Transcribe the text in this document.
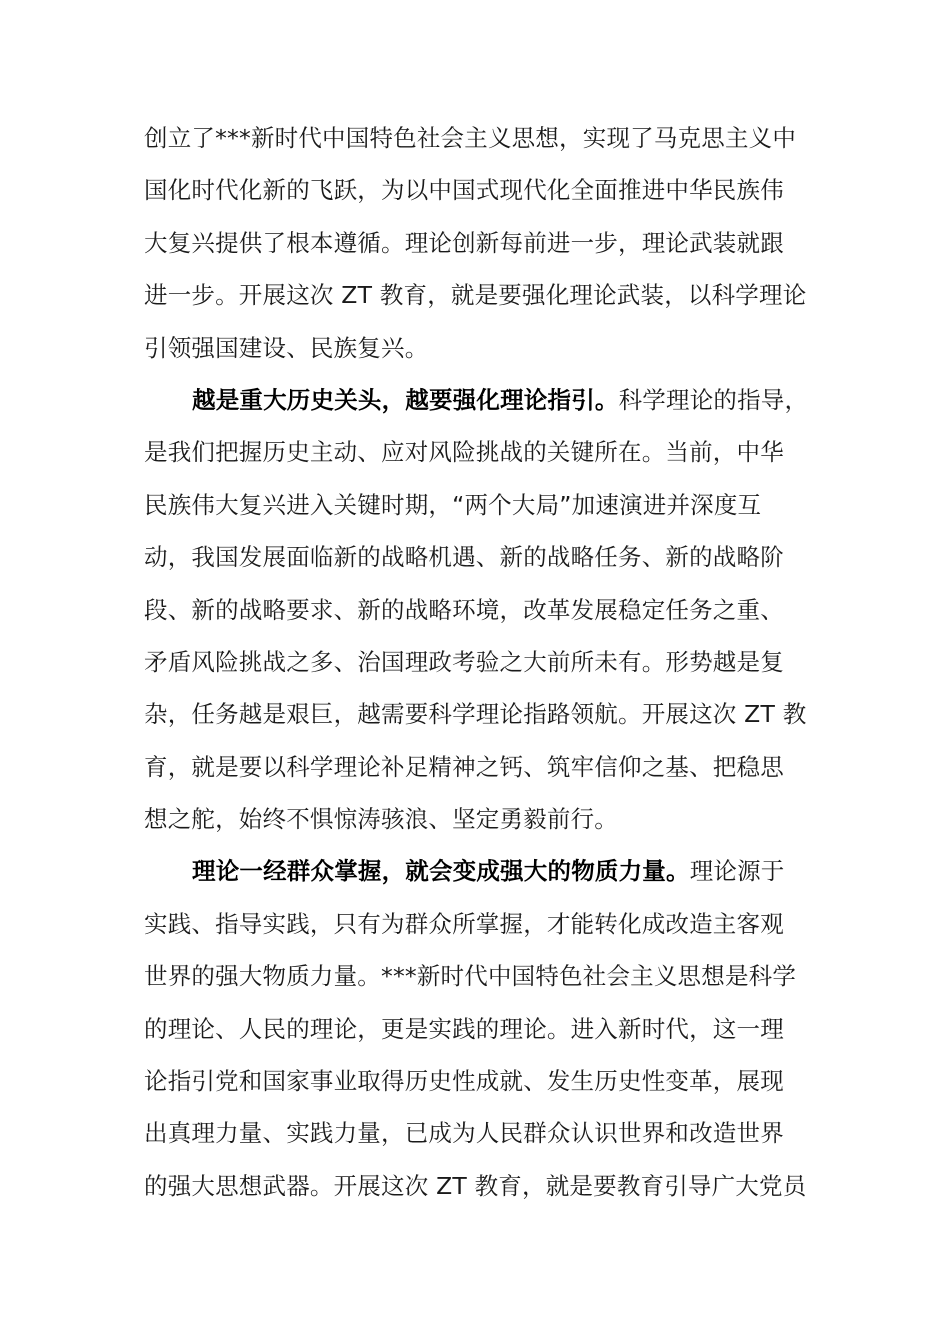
创立了***新时代中国特色社会主义思想，实现了马克思主义中
国化时代化新的飞跃，为以中国式现代化全面推进中华民族伟
大复兴提供了根本遵循。理论创新每前进一步，理论武装就跟
进一步。开展这次 ZT 教育，就是要强化理论武装，以科学理论
引领强国建设、民族复兴。
越是重大历史关头，越要强化理论指引。科学理论的指导，
是我们把握历史主动、应对风险挑战的关键所在。当前，中华
民族伟大复兴进入关键时期，“两个大局”加速演进并深度互
动，我国发展面临新的战略机遇、新的战略任务、新的战略阶
段、新的战略要求、新的战略环境，改革发展稳定任务之重、
矛盾风险挑战之多、治国理政考验之大前所未有。形势越是复
杂，任务越是艰巨，越需要科学理论指路领航。开展这次 ZT 教
育，就是要以科学理论补足精神之钙、筑牢信仰之基、把稳思
想之舵，始终不惧惊涛骇浪、坚定勇毅前行。
理论一经群众掌握，就会变成强大的物质力量。理论源于
实践、指导实践，只有为群众所掌握，才能转化成改造主客观
世界的强大物质力量。***新时代中国特色社会主义思想是科学
的理论、人民的理论，更是实践的理论。进入新时代，这一理
论指引党和国家事业取得历史性成就、发生历史性变革，展现
出真理力量、实践力量，已成为人民群众认识世界和改造世界
的强大思想武器。开展这次 ZT 教育，就是要教育引导广大党员
